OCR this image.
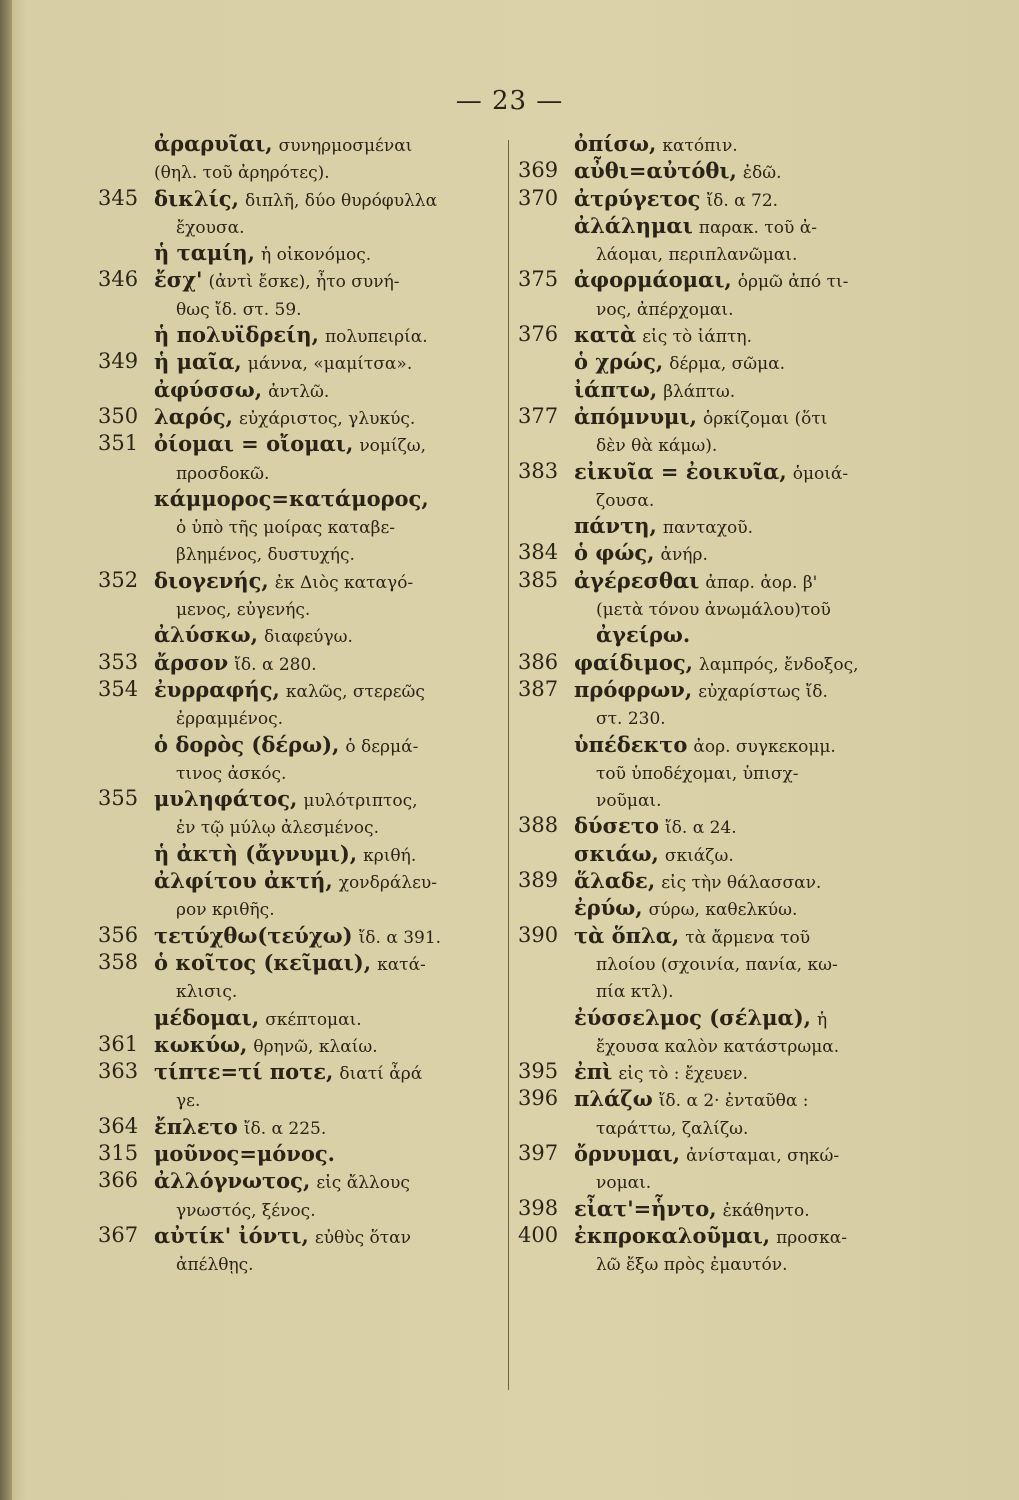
— 23 —
ἀραρυῖαι, συνηρμοσμέναι
(θηλ. τοῦ ἀρηρότες).
345 δικλίς, διπλῆ, δύο θυρόφυλλα
ἔχουσα.
ἡ ταμίη, ἡ οἰκονόμος.
346 ἔσχ' (ἀντὶ ἔσκε), ἦτο συνή-
θως ἴδ. στ. 59.
ἡ πολυϊδρείη, πολυπειρία.
349 ἡ μαῖα, μάννα, «μαμίτσα».
ἀφύσσω, ἀντλῶ.
350 λαρός, εὐχάριστος, γλυκύς.
351 ὀίομαι = οἴομαι, νομίζω,
προσδοκῶ.
κάμμορος=κατάμορος,
ὁ ὑπὸ τῆς μοίρας καταβε-
βλημένος, δυστυχής.
352 διογενής, ἐκ Διὸς καταγό-
μενος, εὐγενής.
ἀλύσκω, διαφεύγω.
353 ἄρσον ἴδ. α 280.
354 ἐυρραφής, καλῶς, στερεῶς
ἐρραμμένος.
ὁ δορὸς (δέρω), ὁ δερμά-
τινος ἀσκός.
355 μυληφάτος, μυλότριπτος,
ἐν τῷ μύλῳ ἀλεσμένος.
ἡ ἀκτὴ (ἄγνυμι), κριθή.
ἀλφίτου ἀκτή, χονδράλευ-
ρον κριθῆς.
356 τετύχθω(τεύχω) ἴδ. α 391.
358 ὁ κοῖτος (κεῖμαι), κατά-
κλισις.
μέδομαι, σκέπτομαι.
361 κωκύω, θρηνῶ, κλαίω.
363 τίπτε=τί ποτε, διατί ἆρά
γε.
364 ἔπλετο ἴδ. α 225.
315 μοῦνος=μόνος.
366 ἀλλόγνωτος, εἰς ἄλλους
γνωστός, ξένος.
367 αὐτίκ' ἰόντι, εὐθὺς ὅταν
ἀπέλθῃς.
ὀπίσω, κατόπιν.
369 αὖθι=αὐτόθι, ἐδῶ.
370 ἀτρύγετος ἴδ. α 72.
ἀλάλημαι παρακ. τοῦ ἀ-
λάομαι, περιπλανῶμαι.
375 ἀφορμάομαι, ὁρμῶ ἀπό τι-
νος, ἀπέρχομαι.
376 κατὰ εἰς τὸ ἰάπτη.
ὁ χρώς, δέρμα, σῶμα.
ἰάπτω, βλάπτω.
377 ἀπόμνυμι, ὁρκίζομαι (ὅτι
δὲν θὰ κάμω).
383 εἰκυῖα = ἐοικυῖα, ὁμοιά-
ζουσα.
πάντη, πανταχοῦ.
384 ὁ φώς, ἀνήρ.
385 ἀγέρεσθαι ἀπαρ. ἀορ. β'
(μετὰ τόνου ἀνωμάλου)τοῦ
ἀγείρω.
386 φαίδιμος, λαμπρός, ἔνδοξος,
387 πρόφρων, εὐχαρίστως ἴδ.
στ. 230.
ὑπέδεκτο ἀορ. συγκεκομμ.
τοῦ ὑποδέχομαι, ὑπισχ-
νοῦμαι.
388 δύσετο ἴδ. α 24.
σκιάω, σκιάζω.
389 ἅλαδε, εἰς τὴν θάλασσαν.
ἐρύω, σύρω, καθελκύω.
390 τὰ ὅπλα, τὰ ἄρμενα τοῦ
πλοίου (σχοινία, πανία, κω-
πία κτλ).
ἐύσσελμος (σέλμα), ἡ
ἔχουσα καλὸν κατάστρωμα.
395 ἐπὶ εἰς τὸ : ἔχευεν.
396 πλάζω ἴδ. α 2· ἐνταῦθα :
ταράττω, ζαλίζω.
397 ὄρνυμαι, ἀνίσταμαι, σηκώ-
νομαι.
398 εἶατ'=ἧντο, ἐκάθηντο.
400 ἐκπροκαλοῦμαι, προσκα-
λῶ ἔξω πρὸς ἐμαυτόν.
